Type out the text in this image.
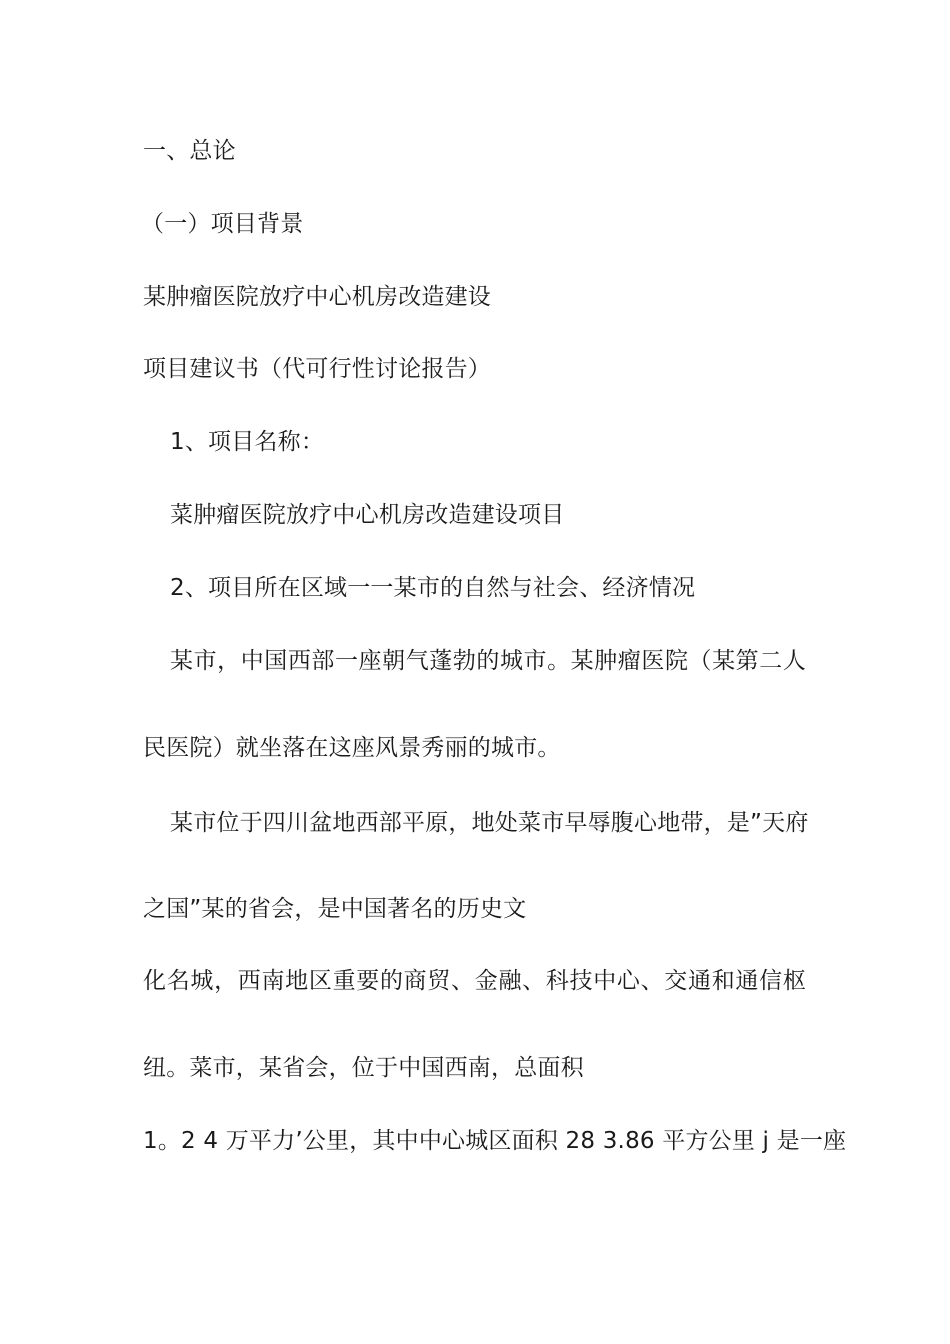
一、总论
（一）项目背景
某肿瘤医院放疗中心机房改造建设
项目建议书（代可行性讨论报告）
1、项目名称：
菜肿瘤医院放疗中心机房改造建设项目
2、项目所在区域一一某市的自然与社会、经济情况
某市，中国西部一座朝气蓬勃的城市。某肿瘤医院（某第二人
民医院）就坐落在这座风景秀丽的城市。
某市位于四川盆地西部平原，地处菜市早辱腹心地带，是”天府
之国”某的省会，是中国著名的历史文
化名城，西南地区重要的商贸、金融、科技中心、交通和通信枢
纽。菜市，某省会，位于中国西南，总面积
1。2 4 万平力’公里，其中中心城区面积 28 3.86 平方公里 j 是一座
